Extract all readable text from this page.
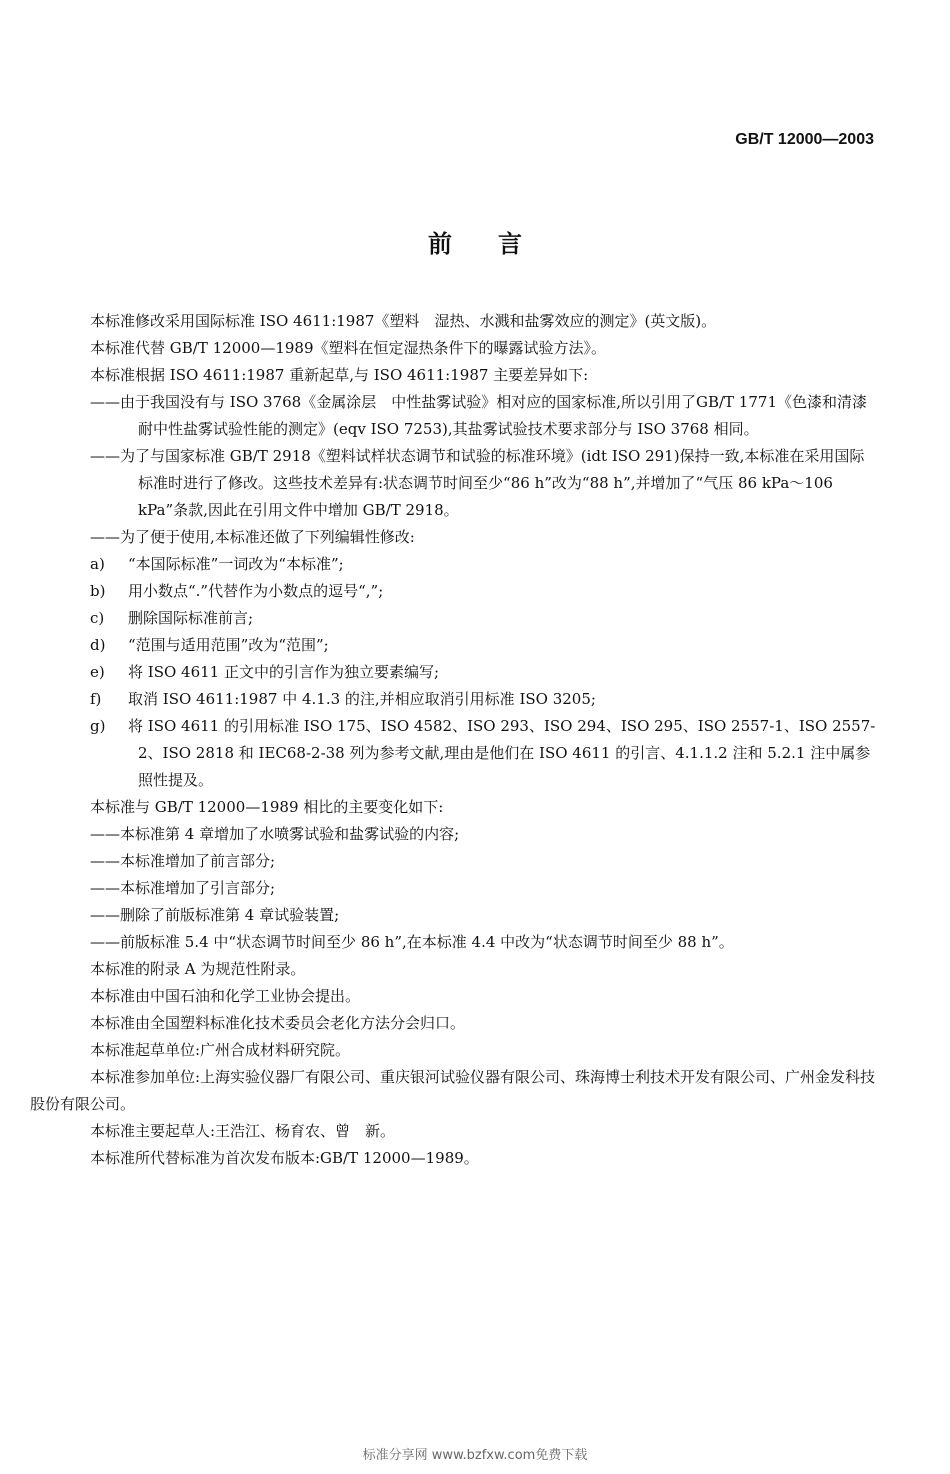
GB/T 12000—2003
前言

本标准修改采用国际标准 ISO 4611:1987《塑料　湿热、水溅和盐雾效应的测定》(英文版)。

本标准代替 GB/T 12000—1989《塑料在恒定湿热条件下的曝露试验方法》。

本标准根据 ISO 4611:1987 重新起草,与 ISO 4611:1987 主要差异如下:

——由于我国没有与 ISO 3768《金属涂层　中性盐雾试验》相对应的国家标准,所以引用了GB/T 1771《色漆和清漆　耐中性盐雾试验性能的测定》(eqv ISO 7253),其盐雾试验技术要求部分与 ISO 3768 相同。

——为了与国家标准 GB/T 2918《塑料试样状态调节和试验的标准环境》(idt ISO 291)保持一致,本标准在采用国际标准时进行了修改。这些技术差异有:状态调节时间至少“86 h”改为“88 h”,并增加了“气压 86 kPa～106 kPa”条款,因此在引用文件中增加 GB/T 2918。

——为了便于使用,本标准还做了下列编辑性修改:

a) “本国际标准”一词改为“本标准”;

b) 用小数点“.”代替作为小数点的逗号“,”;

c) 删除国际标准前言;

d) “范围与适用范围”改为“范围”;

e) 将 ISO 4611 正文中的引言作为独立要素编写;

f) 取消 ISO 4611:1987 中 4.1.3 的注,并相应取消引用标准 ISO 3205;

g) 将 ISO 4611 的引用标准 ISO 175、ISO 4582、ISO 293、ISO 294、ISO 295、ISO 2557-1、ISO 2557-2、ISO 2818 和 IEC68-2-38 列为参考文献,理由是他们在 ISO 4611 的引言、4.1.1.2 注和 5.2.1 注中属参照性提及。

本标准与 GB/T 12000—1989 相比的主要变化如下:

——本标准第 4 章增加了水喷雾试验和盐雾试验的内容;

——本标准增加了前言部分;

——本标准增加了引言部分;

——删除了前版标准第 4 章试验装置;

——前版标准 5.4 中“状态调节时间至少 86 h”,在本标准 4.4 中改为“状态调节时间至少 88 h”。

本标准的附录 A 为规范性附录。

本标准由中国石油和化学工业协会提出。

本标准由全国塑料标准化技术委员会老化方法分会归口。

本标准起草单位:广州合成材料研究院。

本标准参加单位:上海实验仪器厂有限公司、重庆银河试验仪器有限公司、珠海博士利技术开发有限公司、广州金发科技股份有限公司。

本标准主要起草人:王浩江、杨育农、曾　新。

本标准所代替标准为首次发布版本:GB/T 12000—1989。

标准分享网 www.bzfxw.com免费下载
